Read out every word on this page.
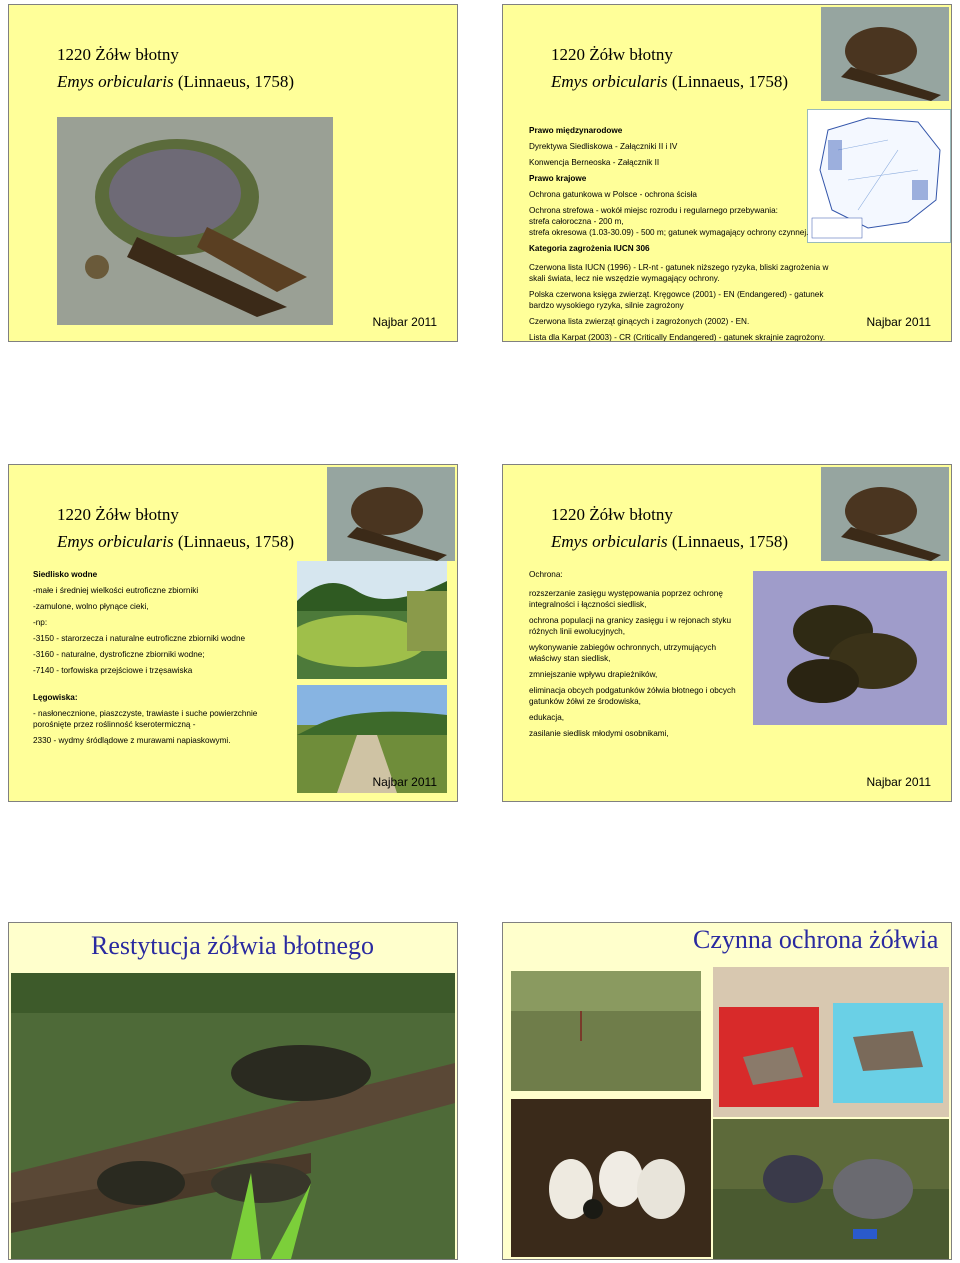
1220 Żółw błotny
Emys orbicularis (Linnaeus, 1758)
Najbar 2011
1220 Żółw błotny
Emys orbicularis (Linnaeus, 1758)

Prawo międzynarodowe

Dyrektywa Siedliskowa - Załączniki II i IV

Konwencja Berneoska - Załącznik II

Prawo krajowe

Ochrona gatunkowa w Polsce - ochrona ścisła

Ochrona strefowa - wokół miejsc rozrodu i regularnego przebywania:
strefa całoroczna - 200 m,

strefa okresowa (1.03-30.09) - 500 m; gatunek wymagający ochrony czynnej.

Kategoria zagrożenia IUCN 306

Czerwona lista IUCN (1996) - LR-nt - gatunek niższego ryzyka, bliski zagrożenia w skali świata, lecz nie wszędzie wymagający ochrony.

Polska czerwona księga zwierząt. Kręgowce (2001) - EN (Endangered) - gatunek bardzo wysokiego ryzyka, silnie zagrożony

Czerwona lista zwierząt ginących i zagrożonych (2002) - EN.

Lista dla Karpat (2003) - CR (Critically Endangered) - gatunek skrajnie zagrożony.

Najbar 2011
1220 Żółw błotny
Emys orbicularis (Linnaeus, 1758)

Siedlisko wodne

-małe i średniej wielkości eutroficzne zbiorniki

-zamulone, wolno płynące cieki,

-np:

-3150 - starorzecza i naturalne eutroficzne zbiorniki wodne

-3160 - naturalne, dystroficzne zbiorniki wodne;

-7140 - torfowiska przejściowe i trzęsawiska

Lęgowiska:

- nasłonecznione, piaszczyste, trawiaste i suche powierzchnie porośnięte przez roślinność kserotermiczną -

2330 - wydmy śródlądowe z murawami napiaskowymi.

Najbar 2011
1220 Żółw błotny
Emys orbicularis (Linnaeus, 1758)

Ochrona:

rozszerzanie zasięgu występowania poprzez ochronę integralności i łączności siedlisk,

ochrona populacji na granicy zasięgu i w rejonach styku różnych linii ewolucyjnych,

wykonywanie zabiegów ochronnych, utrzymujących właściwy stan siedlisk,

zmniejszanie wpływu drapieżników,

eliminacja obcych podgatunków żółwia błotnego i obcych gatunków żółwi ze środowiska,

edukacja,

zasilanie siedlisk młodymi osobnikami,

Najbar 2011
Restytucja żółwia błotnego	Czynna ochrona żółwia
